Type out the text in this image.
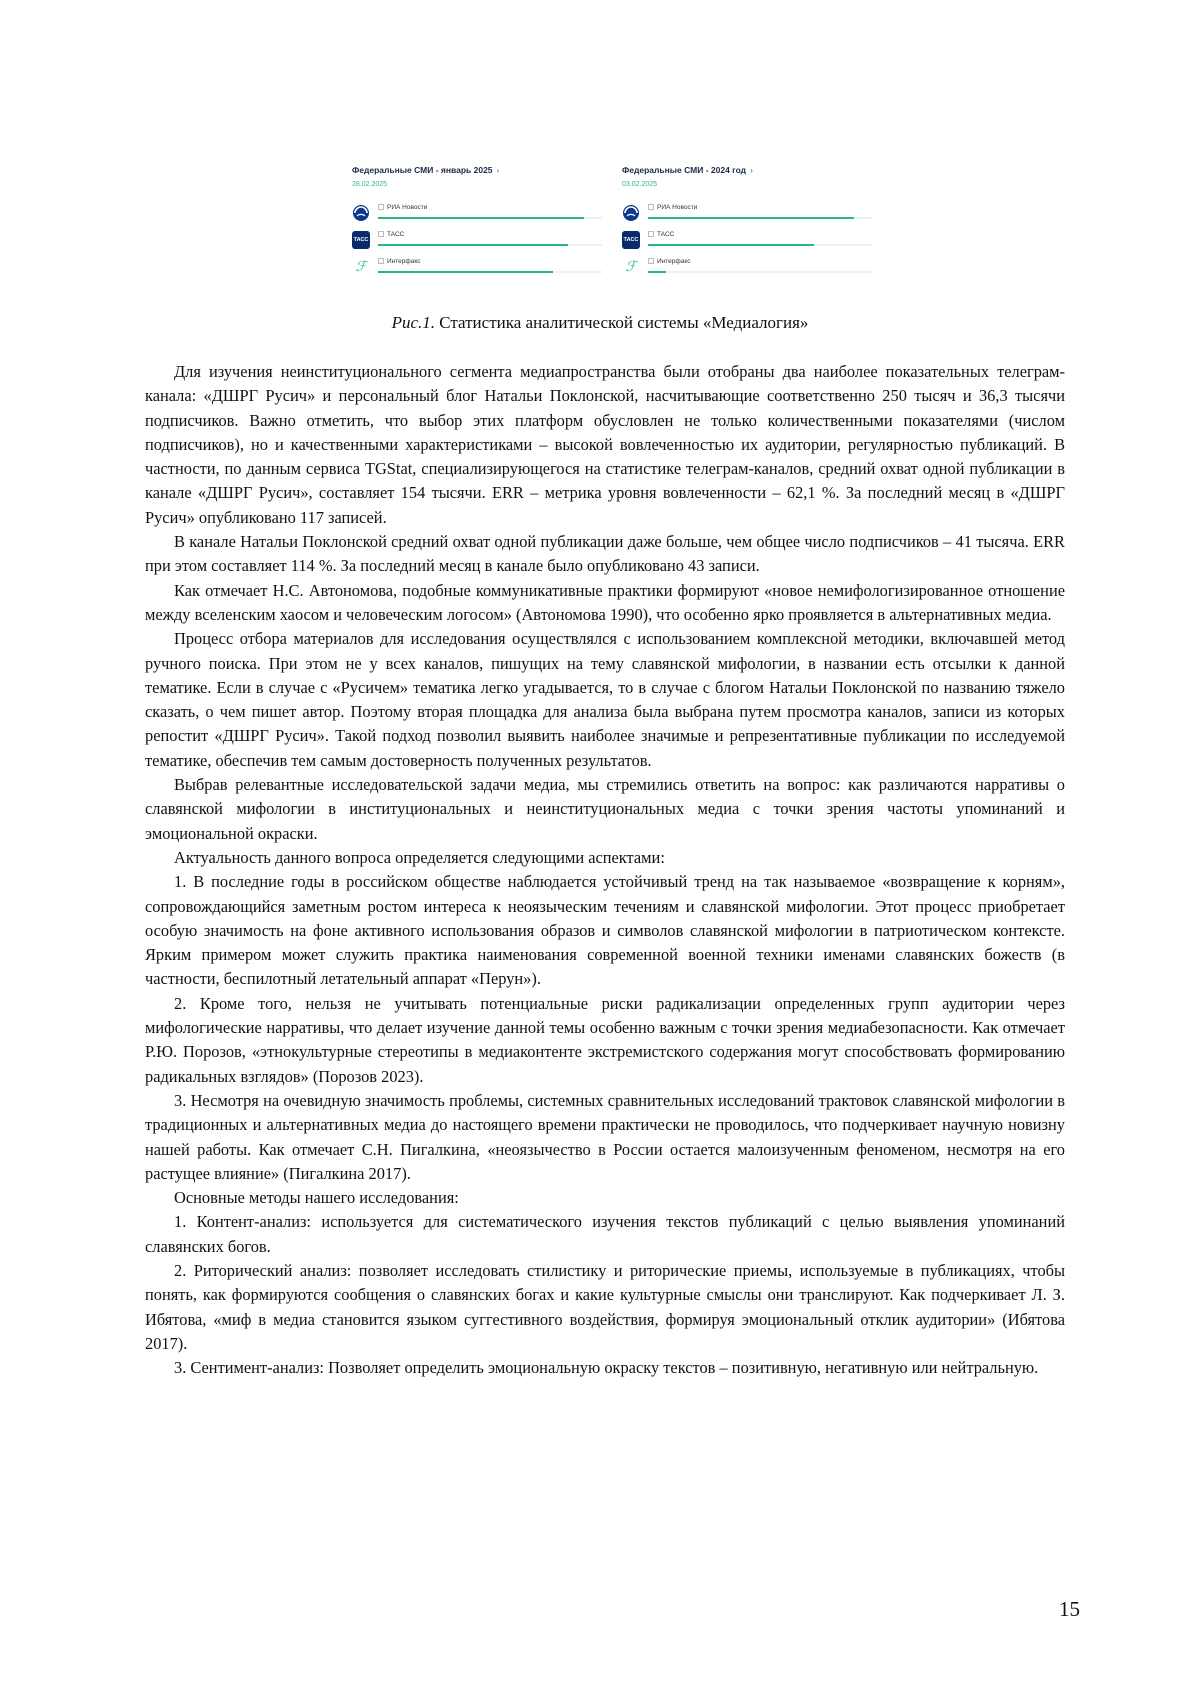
Федеральные СМИ - январь 2025 ›
28.02.2025
РИА Новости
ТАСС
ТАСС
ℱ	Интерфакс
Федеральные СМИ - 2024 год ›
03.02.2025
РИА Новости
ТАСС
ТАСС
ℱ	Интерфакс
Рис.1. Статистика аналитической системы «Медиалогия»

Для изучения неинституционального сегмента медиапространства были отобраны два наиболее показательных телеграм-канала: «ДШРГ Русич» и персональный блог Натальи Поклонской, насчитывающие соответственно 250 тысяч и 36,3 тысячи подписчиков. Важно отметить, что выбор этих платформ обусловлен не только количественными показателями (числом подписчиков), но и качественными характеристиками – высокой вовлеченностью их аудитории, регулярностью публикаций. В частности, по данным сервиса TGStat, специализирующегося на статистике телеграм-каналов, средний охват одной публикации в канале «ДШРГ Русич», составляет 154 тысячи. ERR – метрика уровня вовлеченности – 62,1 %. За последний месяц в «ДШРГ Русич» опубликовано 117 записей.

В канале Натальи Поклонской средний охват одной публикации даже больше, чем общее число подписчиков – 41 тысяча. ERR при этом составляет 114 %. За последний месяц в канале было опубликовано 43 записи.

Как отмечает Н.С. Автономова, подобные коммуникативные практики формируют «новое немифологизированное отношение между вселенским хаосом и человеческим логосом» (Автономова 1990), что особенно ярко проявляется в альтернативных медиа.

Процесс отбора материалов для исследования осуществлялся с использованием комплексной методики, включавшей метод ручного поиска. При этом не у всех каналов, пишущих на тему славянской мифологии, в названии есть отсылки к данной тематике. Если в случае с «Русичем» тематика легко угадывается, то в случае с блогом Натальи Поклонской по названию тяжело сказать, о чем пишет автор. Поэтому вторая площадка для анализа была выбрана путем просмотра каналов, записи из которых репостит «ДШРГ Русич». Такой подход позволил выявить наиболее значимые и репрезентативные публикации по исследуемой тематике, обеспечив тем самым достоверность полученных результатов.

Выбрав релевантные исследовательской задачи медиа, мы стремились ответить на вопрос: как различаются нарративы о славянской мифологии в институциональных и неинституциональных медиа с точки зрения частоты упоминаний и эмоциональной окраски.

Актуальность данного вопроса определяется следующими аспектами:

1. В последние годы в российском обществе наблюдается устойчивый тренд на так называемое «возвращение к корням», сопровождающийся заметным ростом интереса к неоязыческим течениям и славянской мифологии. Этот процесс приобретает особую значимость на фоне активного использования образов и символов славянской мифологии в патриотическом контексте. Ярким примером может служить практика наименования современной военной техники именами славянских божеств (в частности, беспилотный летательный аппарат «Перун»).

2. Кроме того, нельзя не учитывать потенциальные риски радикализации определенных групп аудитории через мифологические нарративы, что делает изучение данной темы особенно важным с точки зрения медиабезопасности. Как отмечает Р.Ю. Порозов, «этнокультурные стереотипы в медиаконтенте экстремистского содержания могут способствовать формированию радикальных взглядов» (Порозов 2023).

3. Несмотря на очевидную значимость проблемы, системных сравнительных исследований трактовок славянской мифологии в традиционных и альтернативных медиа до настоящего времени практически не проводилось, что подчеркивает научную новизну нашей работы. Как отмечает С.Н. Пигалкина, «неоязычество в России остается малоизученным феноменом, несмотря на его растущее влияние» (Пигалкина 2017).

Основные методы нашего исследования:

1. Контент-анализ: используется для систематического изучения текстов публикаций с целью выявления упоминаний славянских богов.

2. Риторический анализ: позволяет исследовать стилистику и риторические приемы, используемые в публикациях, чтобы понять, как формируются сообщения о славянских богах и какие культурные смыслы они транслируют. Как подчеркивает Л. З. Ибятова, «миф в медиа становится языком суггестивного воздействия, формируя эмоциональный отклик аудитории» (Ибятова 2017).

3. Сентимент-анализ: Позволяет определить эмоциональную окраску текстов – позитивную, негативную или нейтральную.

15
